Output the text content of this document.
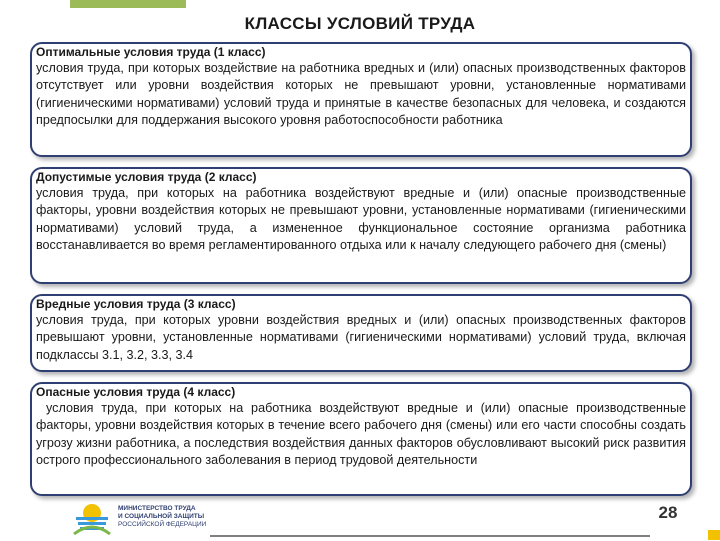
КЛАССЫ УСЛОВИЙ ТРУДА
Оптимальные условия труда (1 класс)

условия труда, при которых воздействие на работника вредных и (или) опасных производственных факторов отсутствует или уровни воздействия которых не превышают уровни, установленные нормативами (гигиеническими нормативами) условий труда и принятые в качестве безопасных для человека, и создаются предпосылки для поддержания высокого уровня работоспособности работника

Допустимые условия труда (2 класс)

условия труда, при которых на работника воздействуют вредные и (или) опасные производственные факторы, уровни воздействия которых не превышают уровни, установленные нормативами (гигиеническими нормативами) условий труда, а измененное функциональное состояние организма работника восстанавливается во время регламентированного отдыха или к началу следующего рабочего дня (смены)

Вредные условия труда (3 класс)

условия труда, при которых уровни воздействия вредных и (или) опасных производственных факторов превышают уровни, установленные нормативами (гигиеническими нормативами) условий труда, включая подклассы 3.1, 3.2, 3.3, 3.4

Опасные условия труда (4 класс)

условия труда, при которых на работника воздействуют вредные и (или) опасные производственные факторы, уровни воздействия которых в течение всего рабочего дня (смены) или его части способны создать угрозу жизни работника, а последствия воздействия данных факторов обусловливают высокий риск развития острого профессионального заболевания в период трудовой деятельности

МИНИСТЕРСТВО ТРУДА
И СОЦИАЛЬНОЙ ЗАЩИТЫ
РОССИЙСКОЙ ФЕДЕРАЦИИ
28
